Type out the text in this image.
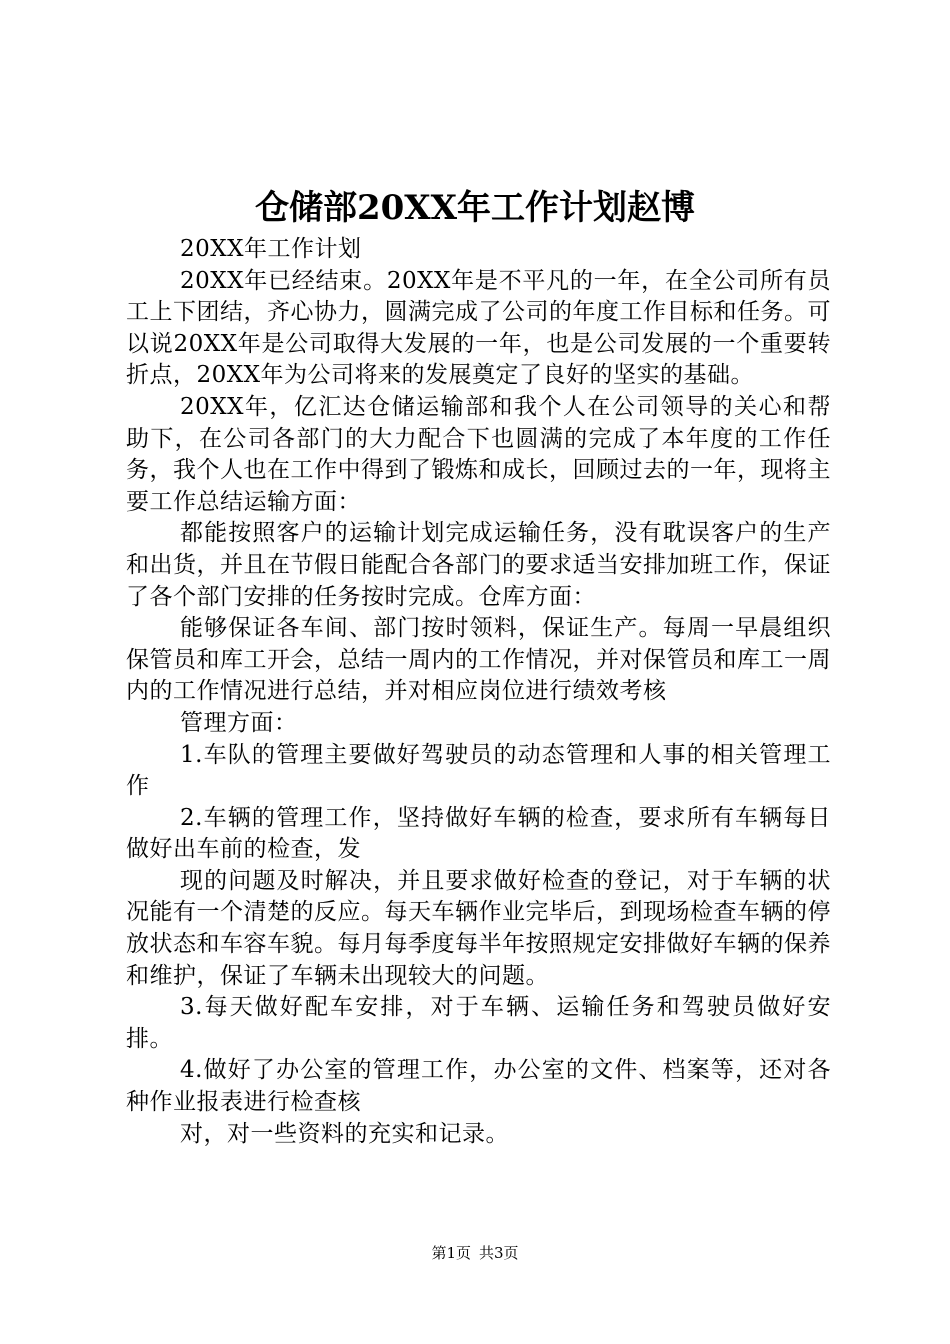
仓储部20XX年工作计划赵博

20XX年工作计划

20XX年已经结束。20XX年是不平凡的一年，在全公司所有员工上下团结，齐心协力，圆满完成了公司的年度工作目标和任务。可以说20XX年是公司取得大发展的一年，也是公司发展的一个重要转折点，20XX年为公司将来的发展奠定了良好的坚实的基础。

20XX年，亿汇达仓储运输部和我个人在公司领导的关心和帮助下，在公司各部门的大力配合下也圆满的完成了本年度的工作任务，我个人也在工作中得到了锻炼和成长，回顾过去的一年，现将主要工作总结运输方面：

都能按照客户的运输计划完成运输任务，没有耽误客户的生产和出货，并且在节假日能配合各部门的要求适当安排加班工作，保证了各个部门安排的任务按时完成。仓库方面：

能够保证各车间、部门按时领料，保证生产。每周一早晨组织保管员和库工开会，总结一周内的工作情况，并对保管员和库工一周内的工作情况进行总结，并对相应岗位进行绩效考核

管理方面：

1.车队的管理主要做好驾驶员的动态管理和人事的相关管理工作

2.车辆的管理工作，坚持做好车辆的检查，要求所有车辆每日做好出车前的检查，发

现的问题及时解决，并且要求做好检查的登记，对于车辆的状况能有一个清楚的反应。每天车辆作业完毕后，到现场检查车辆的停放状态和车容车貌。每月每季度每半年按照规定安排做好车辆的保养和维护，保证了车辆未出现较大的问题。

3.每天做好配车安排，对于车辆、运输任务和驾驶员做好安排。

4.做好了办公室的管理工作，办公室的文件、档案等，还对各种作业报表进行检查核

对，对一些资料的充实和记录。

第1页 共3页
